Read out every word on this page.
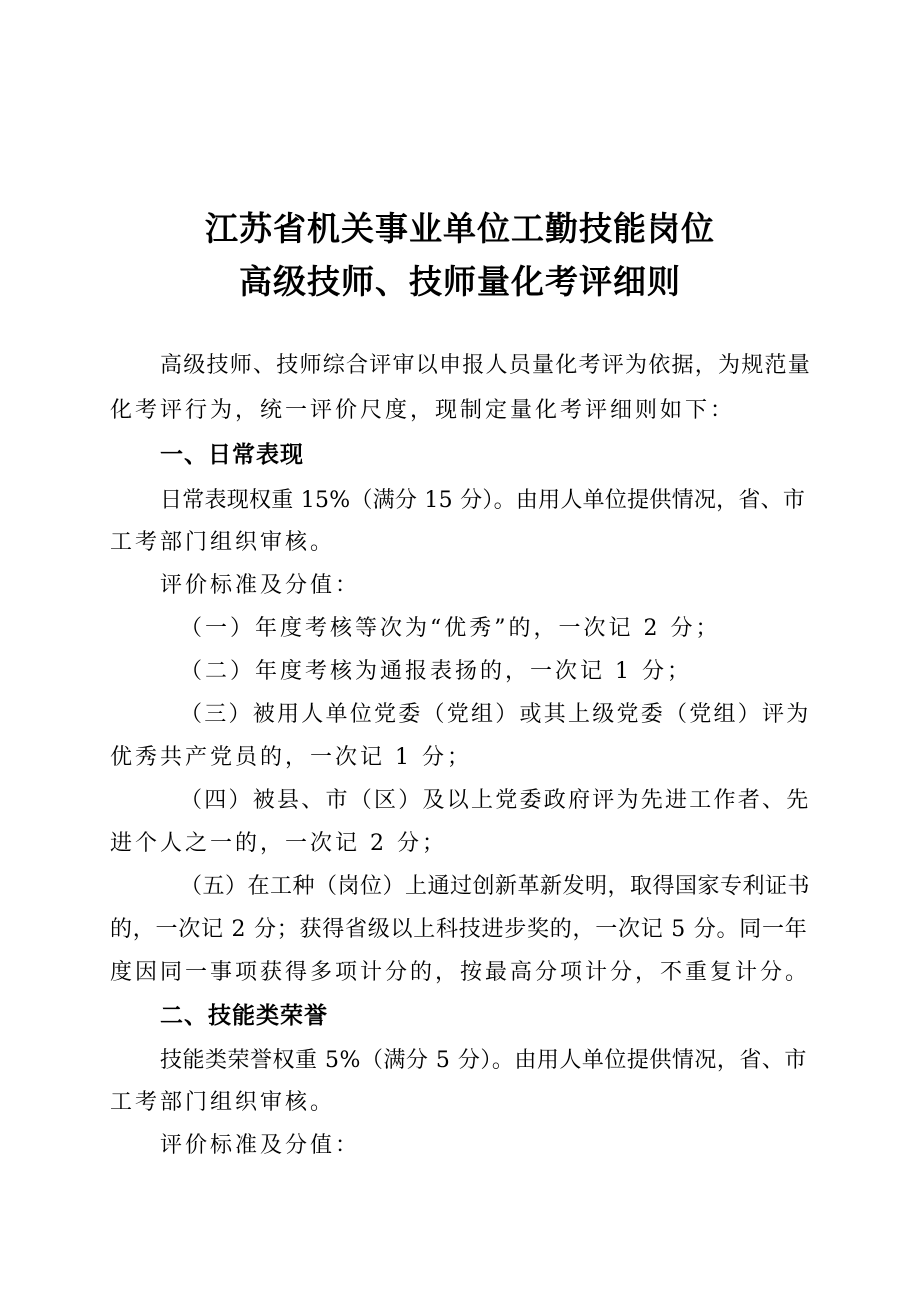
江苏省机关事业单位工勤技能岗位
高级技师、技师量化考评细则
高级技师、技师综合评审以申报人员量化考评为依据，为规范量
化考评行为，统一评价尺度，现制定量化考评细则如下：
一、日常表现
日常表现权重 15%（满分 15 分）。由用人单位提供情况，省、市
工考部门组织审核。
评价标准及分值：
（一）年度考核等次为“优秀”的，一次记 2 分；
（二）年度考核为通报表扬的，一次记 1 分；
（三）被用人单位党委（党组）或其上级党委（党组）评为
优秀共产党员的，一次记 1 分；
（四）被县、市（区）及以上党委政府评为先进工作者、先
进个人之一的，一次记 2 分；
（五）在工种（岗位）上通过创新革新发明，取得国家专利证书
的，一次记 2 分；获得省级以上科技进步奖的，一次记 5 分。同一年
度因同一事项获得多项计分的，按最高分项计分，不重复计分。
二、技能类荣誉
技能类荣誉权重 5%（满分 5 分）。由用人单位提供情况，省、市
工考部门组织审核。
评价标准及分值：
